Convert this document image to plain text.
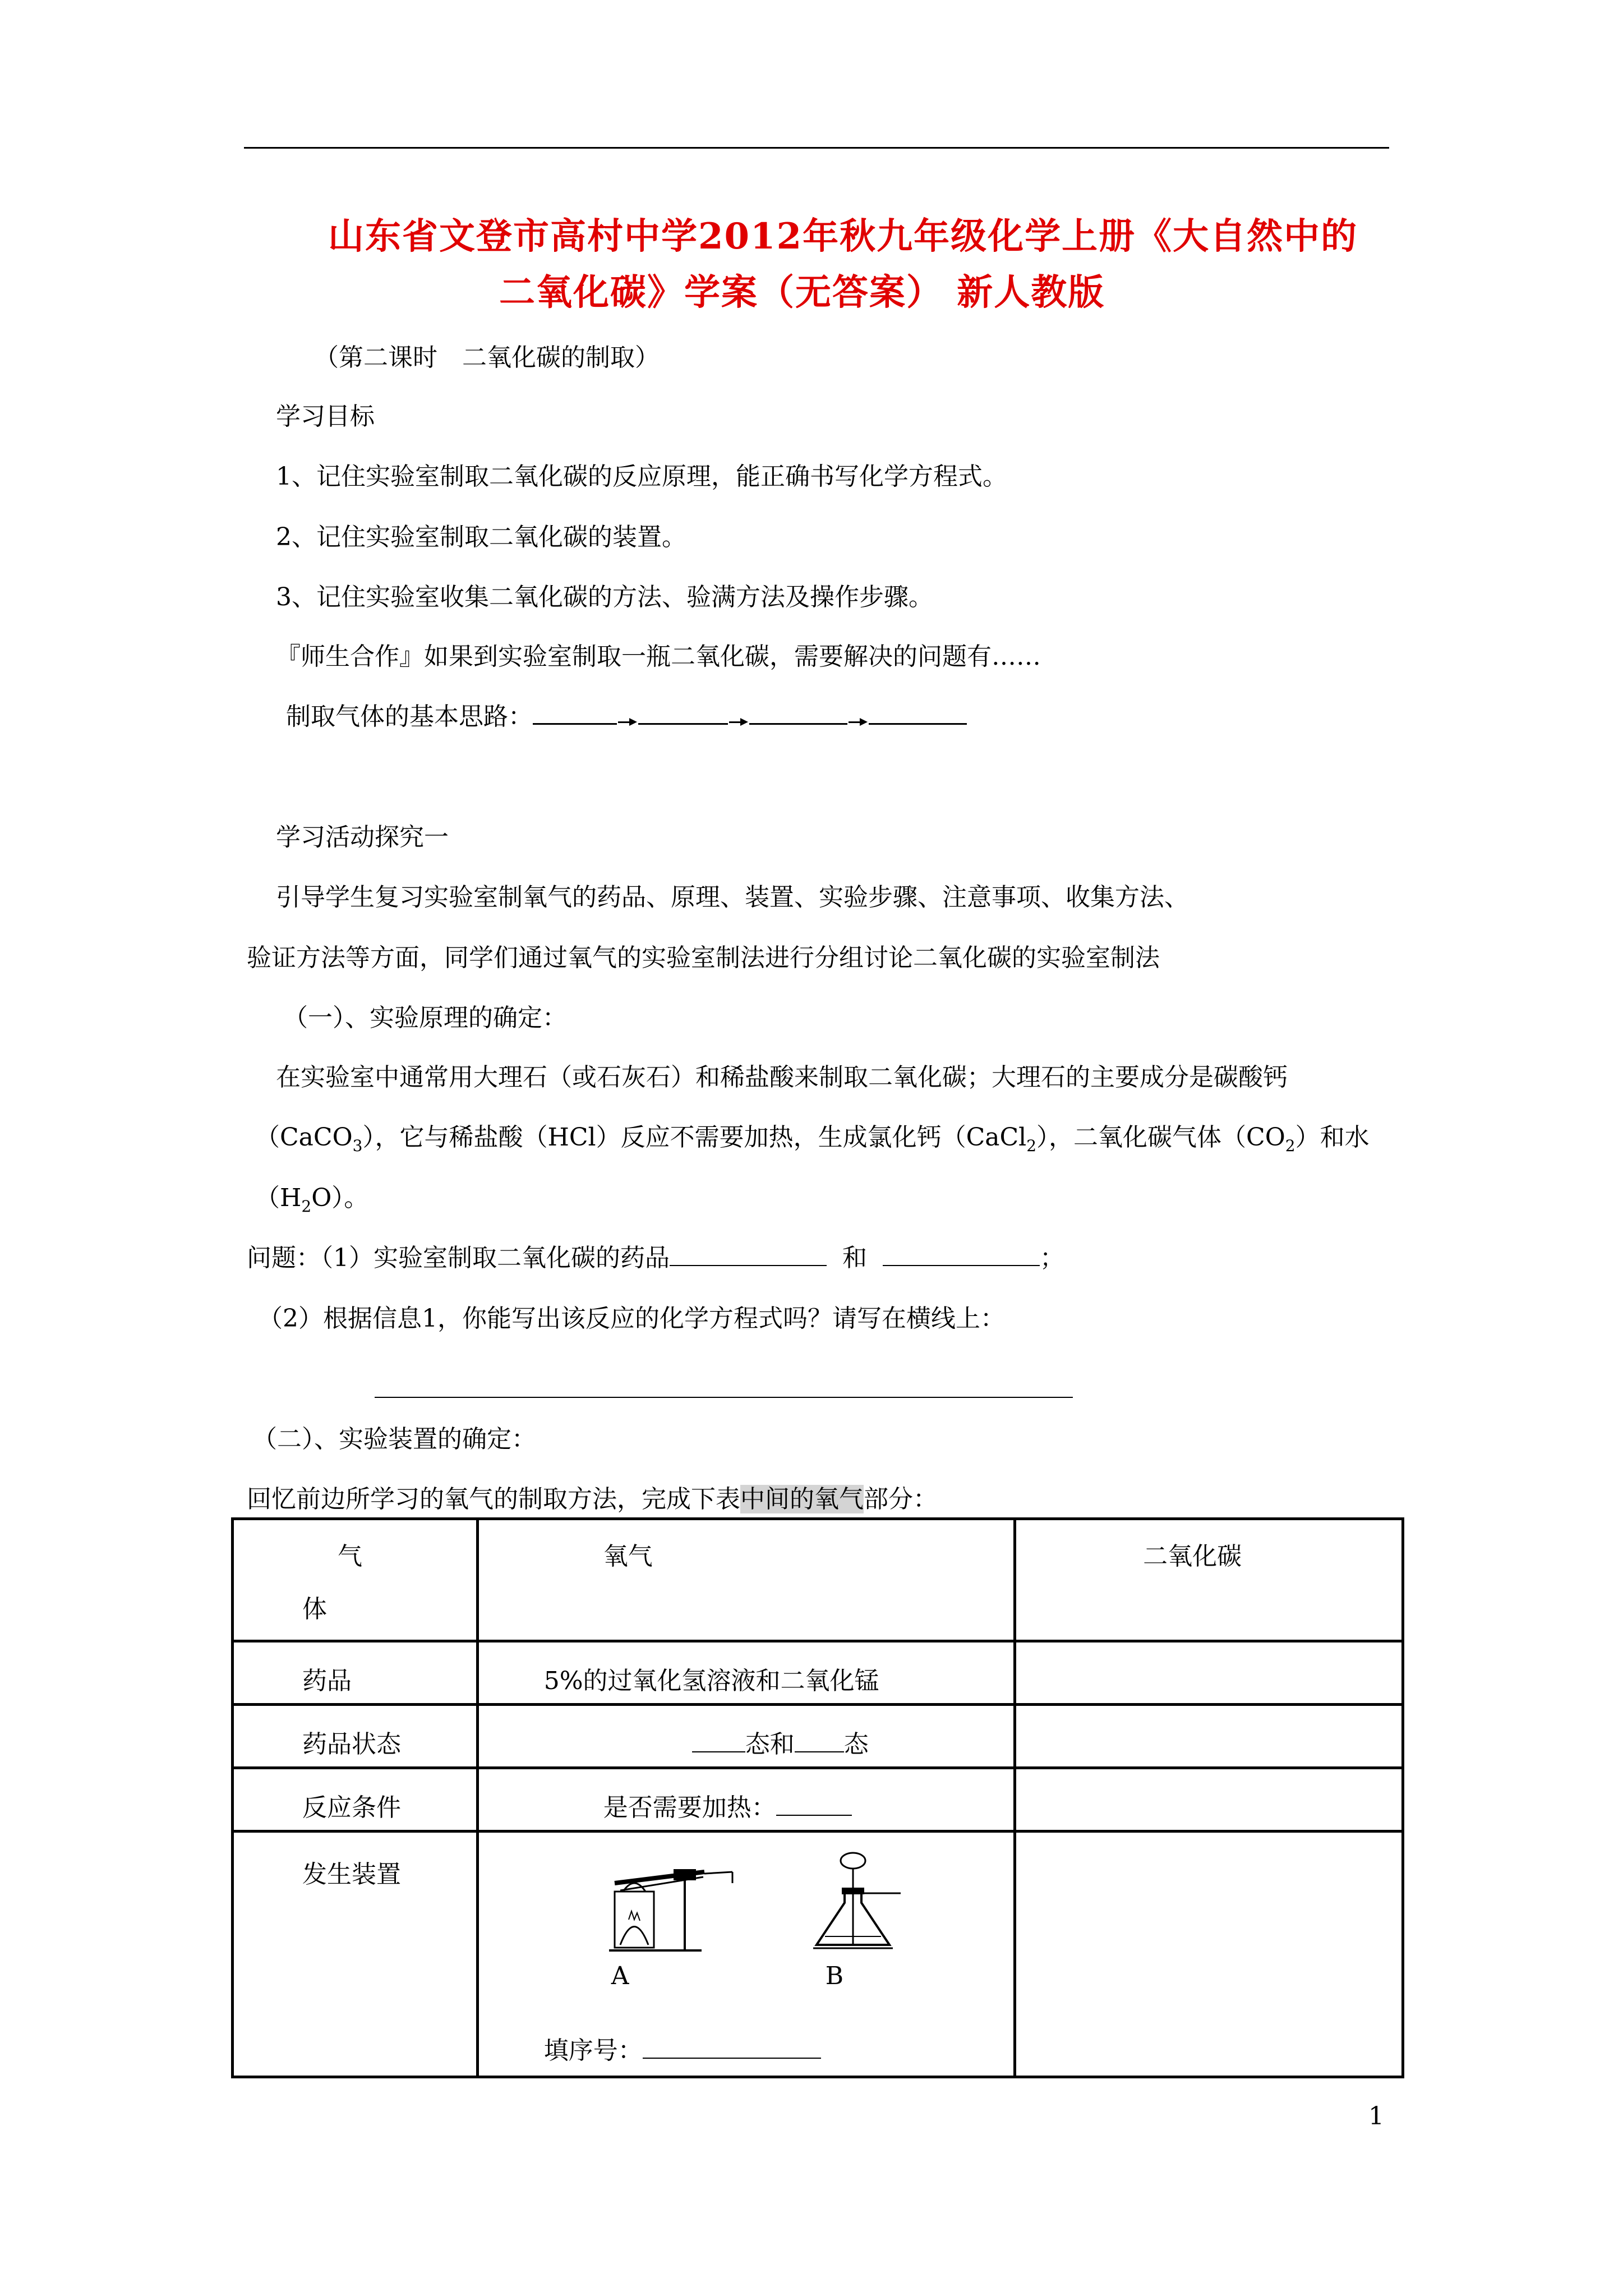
山东省文登市高村中学2012年秋九年级化学上册《大自然中的
二氧化碳》学案（无答案） 新人教版
（第二课时　二氧化碳的制取）
学习目标
1、记住实验室制取二氧化碳的反应原理，能正确书写化学方程式。
2、记住实验室制取二氧化碳的装置。
3、记住实验室收集二氧化碳的方法、验满方法及操作步骤。
『师生合作』如果到实验室制取一瓶二氧化碳，需要解决的问题有……
制取气体的基本思路：
学习活动探究一
引导学生复习实验室制氧气的药品、原理、装置、实验步骤、注意事项、收集方法、
验证方法等方面，同学们通过氧气的实验室制法进行分组讨论二氧化碳的实验室制法
（一）、实验原理的确定：
在实验室中通常用大理石（或石灰石）和稀盐酸来制取二氧化碳；大理石的主要成分是碳酸钙
（CaCO$_3$），它与稀盐酸（HCl）反应不需要加热，生成氯化钙（CaCl$_2$），二氧化碳气体$(CO_2)$和水
$(H_2O)$。
问题：（1）实验室制取二氧化碳的药品	和	；
（2）根据信息1，你能写出该反应的化学方程式吗？请写在横线上：
（二）、实验装置的确定：
回忆前边所学习的氧气的制取方法，完成下表中间的氧气部分：
气
体	氧气	二氧化碳

药品	5%的过氧化氢溶液和二氧化锰	

药品状态	态和 态	

反应条件	是否需要加热：	

发生装置	A B
填序号：	

1
